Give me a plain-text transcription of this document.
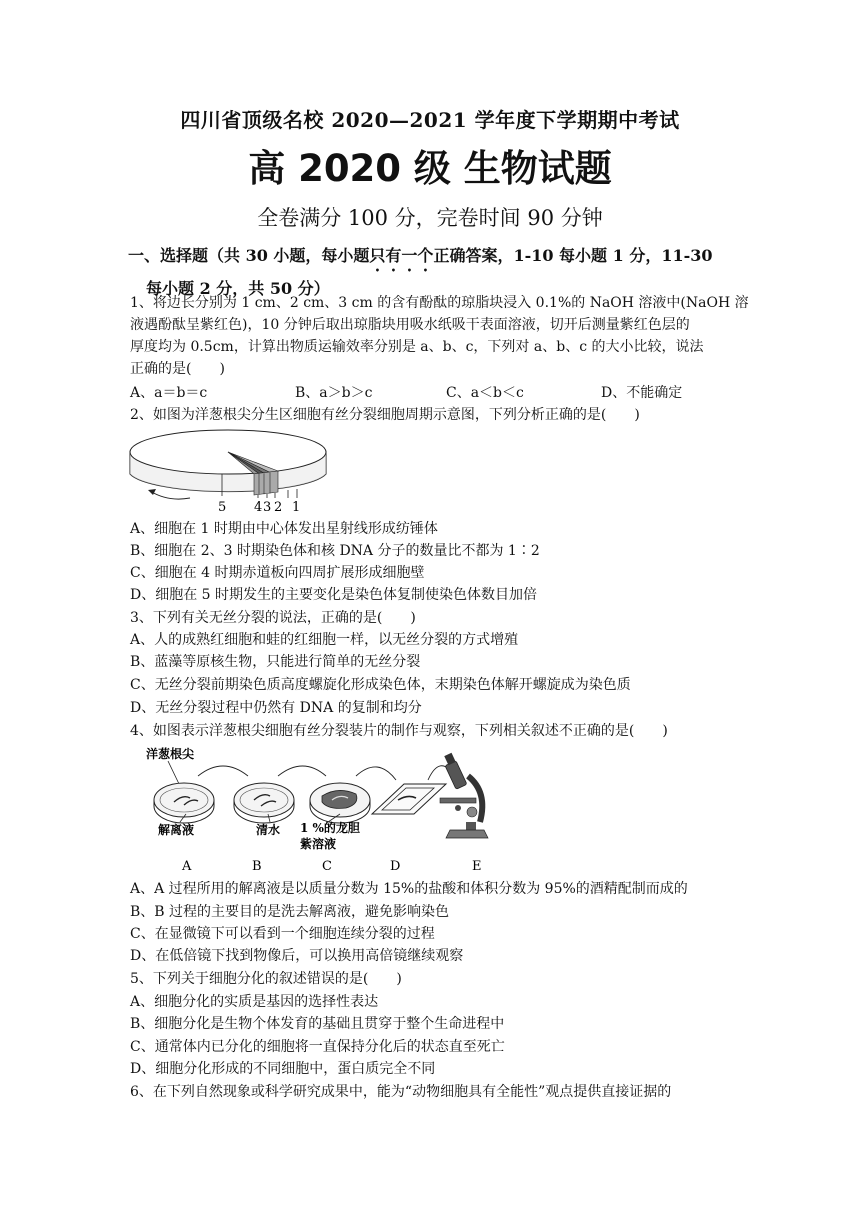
四川省顶级名校 2020—2021 学年度下学期期中考试
高 2020 级 生物试题
全卷满分 100 分，完卷时间 90 分钟
一、选择题（共 30 小题，每小题只有一个正确答案，1-10 每小题 1 分，11-30
每小题 2 分，共 50 分）
1、将边长分别为 1 cm、2 cm、3 cm 的含有酚酞的琼脂块浸入 0.1%的 NaOH 溶液中(NaOH 溶
液遇酚酞呈紫红色)，10 分钟后取出琼脂块用吸水纸吸干表面溶液，切开后测量紫红色层的
厚度均为 0.5cm，计算出物质运输效率分别是 a、b、c，下列对 a、b、c 的大小比较，说法
正确的是(　　)
A、a＝b＝c	B、a＞b＞c	C、a＜b＜c	D、不能确定
2、如图为洋葱根尖分生区细胞有丝分裂细胞周期示意图，下列分析正确的是(　　)
5 4 3 2 1
A、细胞在 1 时期由中心体发出星射线形成纺锤体
B、细胞在 2、3 时期染色体和核 DNA 分子的数量比不都为 1∶2
C、细胞在 4 时期赤道板向四周扩展形成细胞壁
D、细胞在 5 时期发生的主要变化是染色体复制使染色体数目加倍
3、下列有关无丝分裂的说法，正确的是(　　)
A、人的成熟红细胞和蛙的红细胞一样，以无丝分裂的方式增殖
B、蓝藻等原核生物，只能进行简单的无丝分裂
C、无丝分裂前期染色质高度螺旋化形成染色体，末期染色体解开螺旋成为染色质
D、无丝分裂过程中仍然有 DNA 的复制和均分
4、如图表示洋葱根尖细胞有丝分裂装片的制作与观察，下列相关叙述不正确的是(　　)
洋葱根尖
解离液	清水 1 %的龙胆
紫溶液
A	B	C	D	E
A、A 过程所用的解离液是以质量分数为 15%的盐酸和体积分数为 95%的酒精配制而成的
B、B 过程的主要目的是洗去解离液，避免影响染色
C、在显微镜下可以看到一个细胞连续分裂的过程
D、在低倍镜下找到物像后，可以换用高倍镜继续观察
5、下列关于细胞分化的叙述错误的是(　　)
A、细胞分化的实质是基因的选择性表达
B、细胞分化是生物个体发育的基础且贯穿于整个生命进程中
C、通常体内已分化的细胞将一直保持分化后的状态直至死亡
D、细胞分化形成的不同细胞中，蛋白质完全不同
6、在下列自然现象或科学研究成果中，能为“动物细胞具有全能性”观点提供直接证据的
